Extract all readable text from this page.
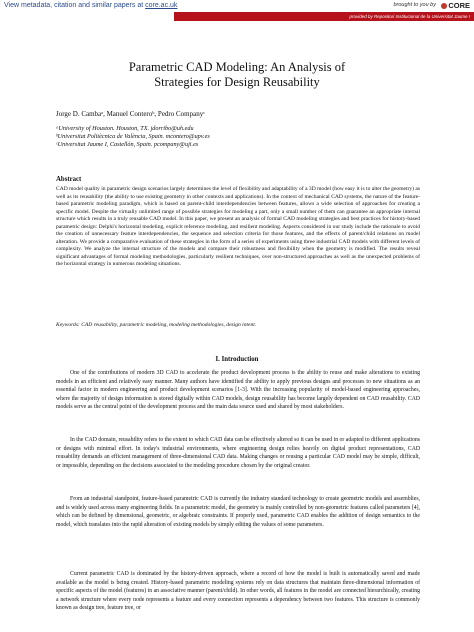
View metadata, citation and similar papers at core.ac.uk	brought to you by	CORE
provided by Repositori Institucional de la Universitat Jaume I
Parametric CAD Modeling: An Analysis of
Strategies for Design Reusability
Jorge D. Cambaᵃ, Manuel Conteroᵇ, Pedro Companyᶜ
ᵃUniversity of Houston. Houston, TX. jdorribo@uh.edu
ᵇUniversitat Politècnica de València, Spain. mcontero@upv.es
ᶜUniversitat Jaume I, Castellón, Spain. pcompany@uji.es
Abstract
CAD model quality in parametric design scenarios largely determines the level of flexibility and adaptability of a 3D model (how easy it is to alter the geometry) as well as its reusability (the ability to use existing geometry in other contexts and applications). In the context of mechanical CAD systems, the nature of the feature-based parametric modeling paradigm, which is based on parent-child interdependencies between features, allows a wide selection of approaches for creating a specific model. Despite the virtually unlimited range of possible strategies for modeling a part, only a small number of them can guarantee an appropriate internal structure which results in a truly reusable CAD model. In this paper, we present an analysis of formal CAD modeling strategies and best practices for history-based parametric design: Delphi's horizontal modeling, explicit reference modeling, and resilient modeling. Aspects considered in our study include the rationale to avoid the creation of unnecessary feature interdependencies, the sequence and selection criteria for those features, and the effects of parent/child relations on model alteration. We provide a comparative evaluation of these strategies in the form of a series of experiments using three industrial CAD models with different levels of complexity. We analyze the internal structure of the models and compare their robustness and flexibility when the geometry is modified. The results reveal significant advantages of formal modeling methodologies, particularly resilient techniques, over non-structured approaches as well as the unexpected problems of the horizontal strategy in numerous modeling situations.
Keywords: CAD reusability, parametric modeling, modeling methodologies, design intent.
I. Introduction

One of the contributions of modern 3D CAD to accelerate the product development process is the ability to reuse and make alterations to existing models in an efficient and relatively easy manner. Many authors have identified the ability to apply previous designs and processes to new situations as an essential factor in modern engineering and product development scenarios [1-3]. With the increasing popularity of model-based engineering approaches, where the majority of design information is stored digitally within CAD models, design reusability has become largely dependent on CAD reusability. CAD models serve as the central point of the development process and the main data source used and shared by most stakeholders.

In the CAD domain, reusability refers to the extent to which CAD data can be effectively altered so it can be used in or adapted to different applications or designs with minimal effort. In today's industrial environments, where engineering design relies heavily on digital product representations, CAD reusability demands an efficient management of three-dimensional CAD data. Making changes or reusing a particular CAD model may be simple, difficult, or impossible, depending on the decisions associated to the modeling procedure chosen by the original creator.

From an industrial standpoint, feature-based parametric CAD is currently the industry standard technology to create geometric models and assemblies, and is widely used across many engineering fields. In a parametric model, the geometry is mainly controlled by non-geometric features called parameters [4], which can be defined by dimensional, geometric, or algebraic constraints. If properly used, parametric CAD enables the addition of design semantics to the model, which translates into the rapid alteration of existing models by simply editing the values of some parameters.

Current parametric CAD is dominated by the history-driven approach, where a record of how the model is built is automatically saved and made available as the model is being created. History-based parametric modeling systems rely on data structures that maintain three-dimensional information of specific aspects of the model (features) in an associative manner (parent/child). In other words, all features in the model are connected hierarchically, creating a network structure where every node represents a feature and every connection represents a dependency between two features. This structure is commonly known as design tree, feature tree, or
